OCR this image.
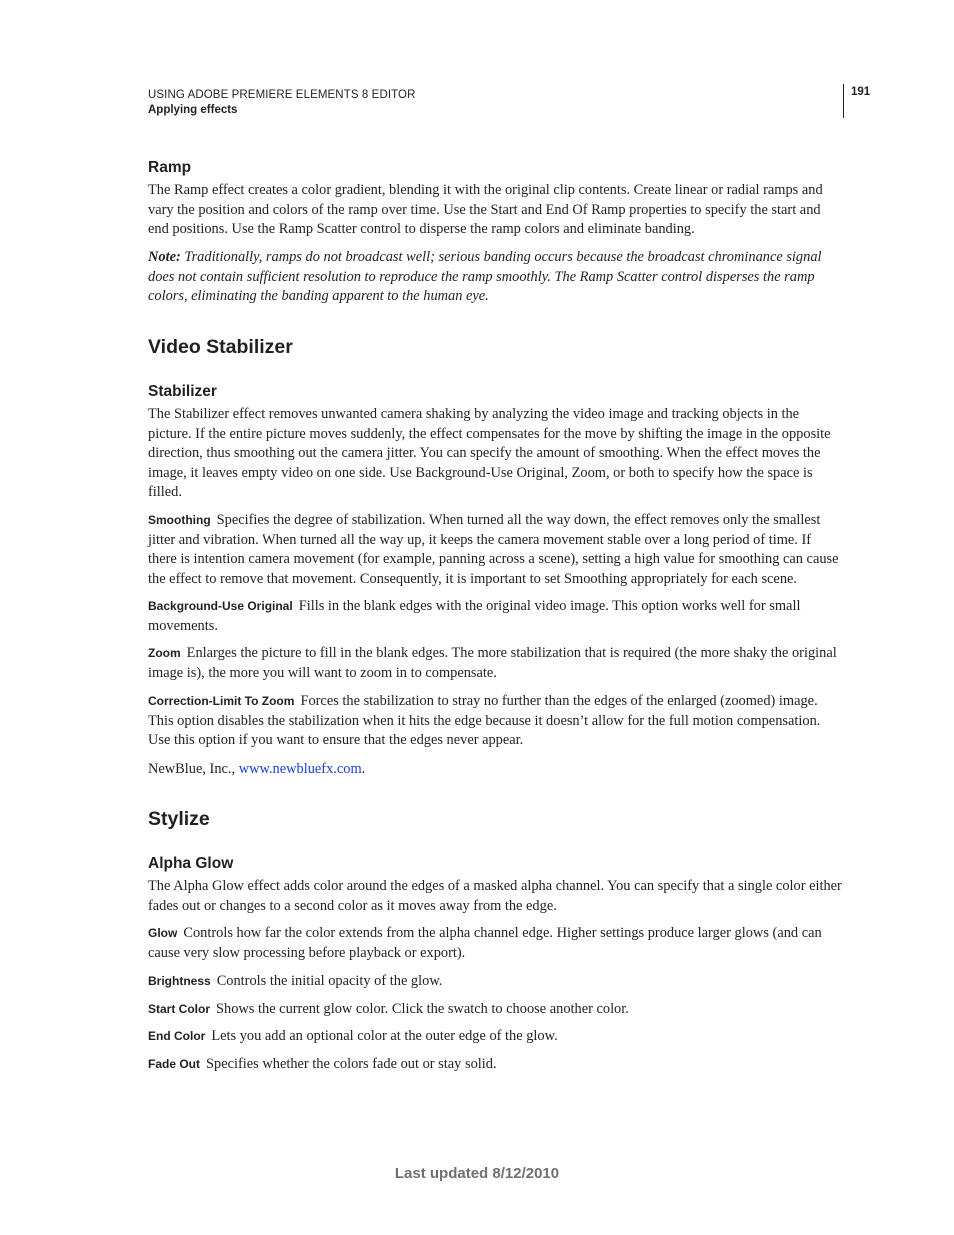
USING ADOBE PREMIERE ELEMENTS 8 EDITOR
Applying effects
191
Ramp

The Ramp effect creates a color gradient, blending it with the original clip contents. Create linear or radial ramps and vary the position and colors of the ramp over time. Use the Start and End Of Ramp properties to specify the start and end positions. Use the Ramp Scatter control to disperse the ramp colors and eliminate banding.

Note: Traditionally, ramps do not broadcast well; serious banding occurs because the broadcast chrominance signal does not contain sufficient resolution to reproduce the ramp smoothly. The Ramp Scatter control disperses the ramp colors, eliminating the banding apparent to the human eye.

Video Stabilizer
Stabilizer

The Stabilizer effect removes unwanted camera shaking by analyzing the video image and tracking objects in the picture. If the entire picture moves suddenly, the effect compensates for the move by shifting the image in the opposite direction, thus smoothing out the camera jitter. You can specify the amount of smoothing. When the effect moves the image, it leaves empty video on one side. Use Background-Use Original, Zoom, or both to specify how the space is filled.

Smoothing Specifies the degree of stabilization. When turned all the way down, the effect removes only the smallest jitter and vibration. When turned all the way up, it keeps the camera movement stable over a long period of time. If there is intention camera movement (for example, panning across a scene), setting a high value for smoothing can cause the effect to remove that movement. Consequently, it is important to set Smoothing appropriately for each scene.

Background-Use Original Fills in the blank edges with the original video image. This option works well for small movements.

Zoom Enlarges the picture to fill in the blank edges. The more stabilization that is required (the more shaky the original image is), the more you will want to zoom in to compensate.

Correction-Limit To Zoom Forces the stabilization to stray no further than the edges of the enlarged (zoomed) image. This option disables the stabilization when it hits the edge because it doesn’t allow for the full motion compensation. Use this option if you want to ensure that the edges never appear.

NewBlue, Inc., www.newbluefx.com.

Stylize
Alpha Glow

The Alpha Glow effect adds color around the edges of a masked alpha channel. You can specify that a single color either fades out or changes to a second color as it moves away from the edge.

Glow Controls how far the color extends from the alpha channel edge. Higher settings produce larger glows (and can cause very slow processing before playback or export).

Brightness Controls the initial opacity of the glow.

Start Color Shows the current glow color. Click the swatch to choose another color.

End Color Lets you add an optional color at the outer edge of the glow.

Fade Out Specifies whether the colors fade out or stay solid.

Last updated 8/12/2010
